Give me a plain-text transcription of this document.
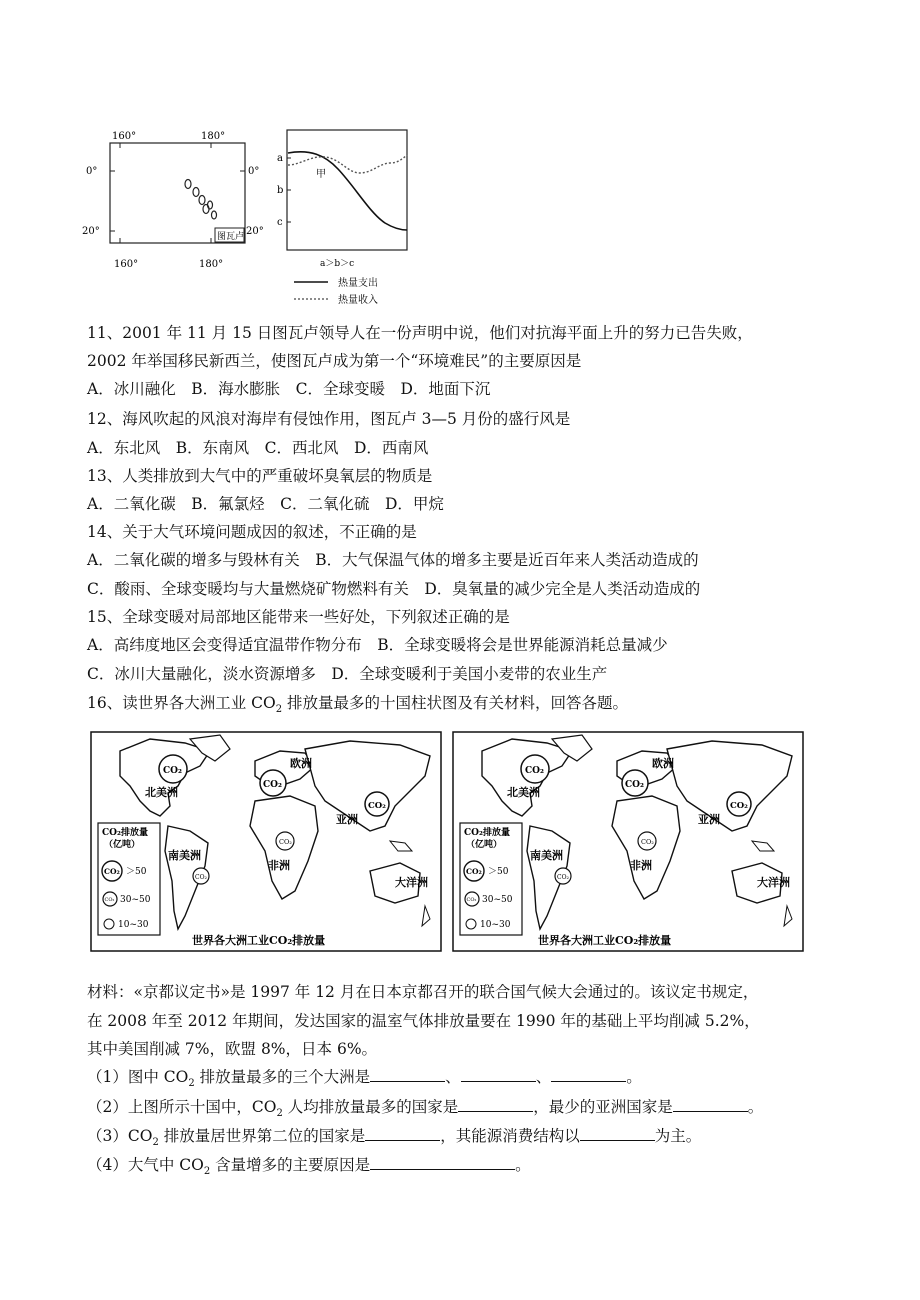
160°	180°
160°	180°
0°
20°
0°
20°
图瓦卢
a
b
c
甲
a＞b＞c
热量支出
热量收入
11、2001 年 11 月 15 日图瓦卢领导人在一份声明中说，他们对抗海平面上升的努力已告失败，
2002 年举国移民新西兰，使图瓦卢成为第一个“环境难民”的主要原因是
A．冰川融化　B．海水膨胀　C．全球变暖　D．地面下沉
12、海风吹起的风浪对海岸有侵蚀作用，图瓦卢 3—5 月份的盛行风是
A．东北风　B．东南风　C．西北风　D．西南风
13、人类排放到大气中的严重破坏臭氧层的物质是
A．二氧化碳　B．氟氯烃　C．二氧化硫　D．甲烷
14、关于大气环境问题成因的叙述，不正确的是
A．二氧化碳的增多与毁林有关　B．大气保温气体的增多主要是近百年来人类活动造成的
C．酸雨、全球变暖均与大量燃烧矿物燃料有关　D．臭氧量的减少完全是人类活动造成的
15、全球变暖对局部地区能带来一些好处，下列叙述正确的是
A．高纬度地区会变得适宜温带作物分布　B．全球变暖将会是世界能源消耗总量减少
C．冰川大量融化，淡水资源增多　D．全球变暖利于美国小麦带的农业生产
16、读世界各大洲工业 $CO_2$ 排放量最多的十国柱状图及有关材料，回答各题。
CO₂
CO₂
CO₂
CO₂
CO₂
北美洲
欧洲
亚洲
南美洲
非洲
大洋洲
CO₂排放量
（亿吨）
CO₂ ＞50
CO₂ 30~50
10~30
世界各大洲工业CO₂排放量
CO₂
CO₂
CO₂
CO₂
CO₂
北美洲
欧洲
亚洲
南美洲
非洲
大洋洲
CO₂排放量
（亿吨）
CO₂ ＞50
CO₂ 30~50
10~30
世界各大洲工业CO₂排放量
材料：«京都议定书»是 1997 年 12 月在日本京都召开的联合国气候大会通过的。该议定书规定，
在 2008 年至 2012 年期间，发达国家的温室气体排放量要在 1990 年的基础上平均削减 5.2%，
其中美国削减 7%，欧盟 8%，日本 6%。
（1）图中 $CO_2$ 排放量最多的三个大洲是	、	、	。
（2）上图所示十国中，$CO_2$ 人均排放量最多的国家是	，最少的亚洲国家是	。
$(3)CO_2$ 排放量居世界第二位的国家是	，其能源消费结构以	为主。
（4）大气中 $CO_2$ 含量增多的主要原因是	。
